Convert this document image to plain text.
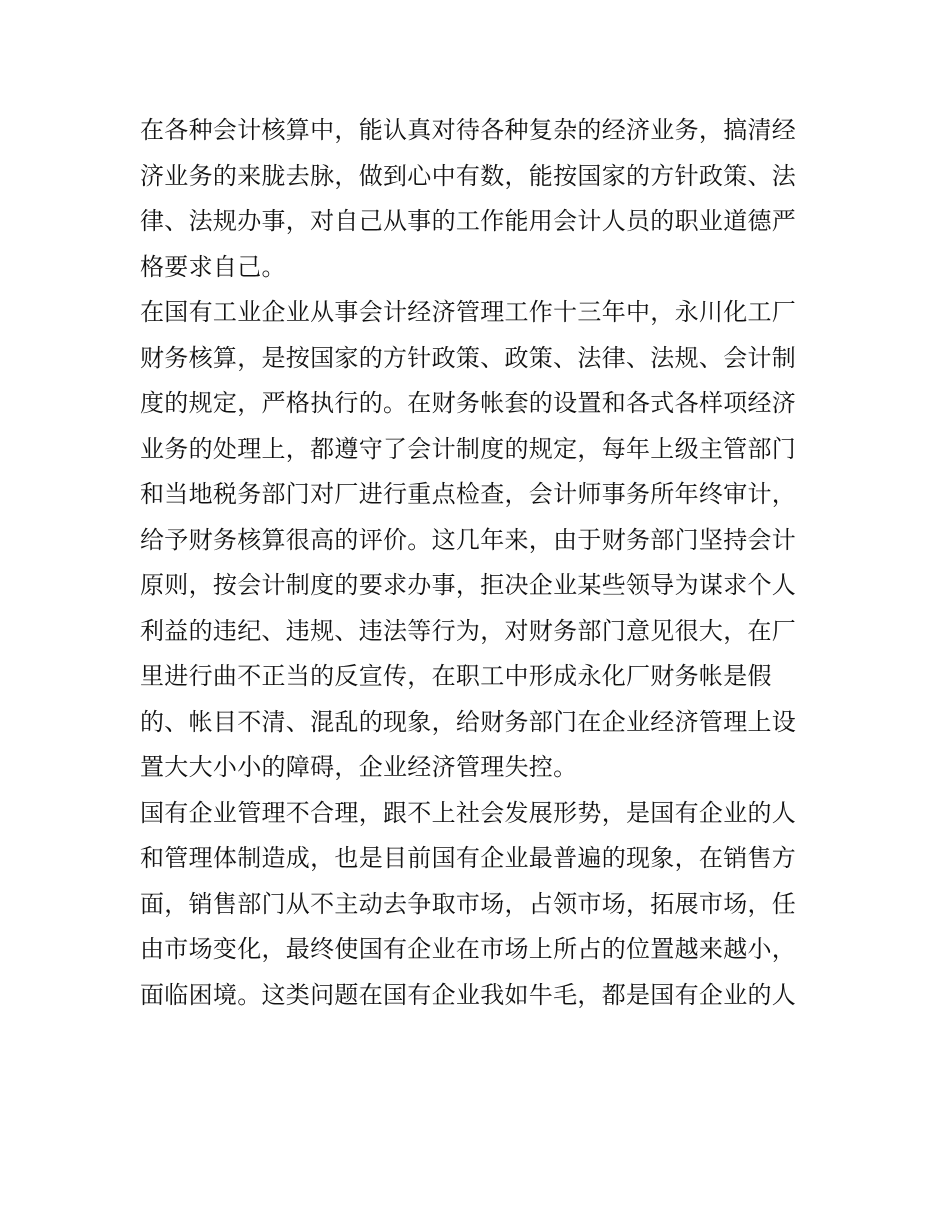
在各种会计核算中，能认真对待各种复杂的经济业务，搞清经
济业务的来胧去脉，做到心中有数，能按国家的方针政策、法
律、法规办事，对自己从事的工作能用会计人员的职业道德严
格要求自己。
在国有工业企业从事会计经济管理工作十三年中，永川化工厂
财务核算，是按国家的方针政策、政策、法律、法规、会计制
度的规定，严格执行的。在财务帐套的设置和各式各样项经济
业务的处理上，都遵守了会计制度的规定，每年上级主管部门
和当地税务部门对厂进行重点检查，会计师事务所年终审计，
给予财务核算很高的评价。这几年来，由于财务部门坚持会计
原则，按会计制度的要求办事，拒决企业某些领导为谋求个人
利益的违纪、违规、违法等行为，对财务部门意见很大，在厂
里进行曲不正当的反宣传，在职工中形成永化厂财务帐是假
的、帐目不清、混乱的现象，给财务部门在企业经济管理上设
置大大小小的障碍，企业经济管理失控。
国有企业管理不合理，跟不上社会发展形势，是国有企业的人
和管理体制造成，也是目前国有企业最普遍的现象，在销售方
面，销售部门从不主动去争取市场，占领市场，拓展市场，任
由市场变化，最终使国有企业在市场上所占的位置越来越小，
面临困境。这类问题在国有企业我如牛毛，都是国有企业的人
